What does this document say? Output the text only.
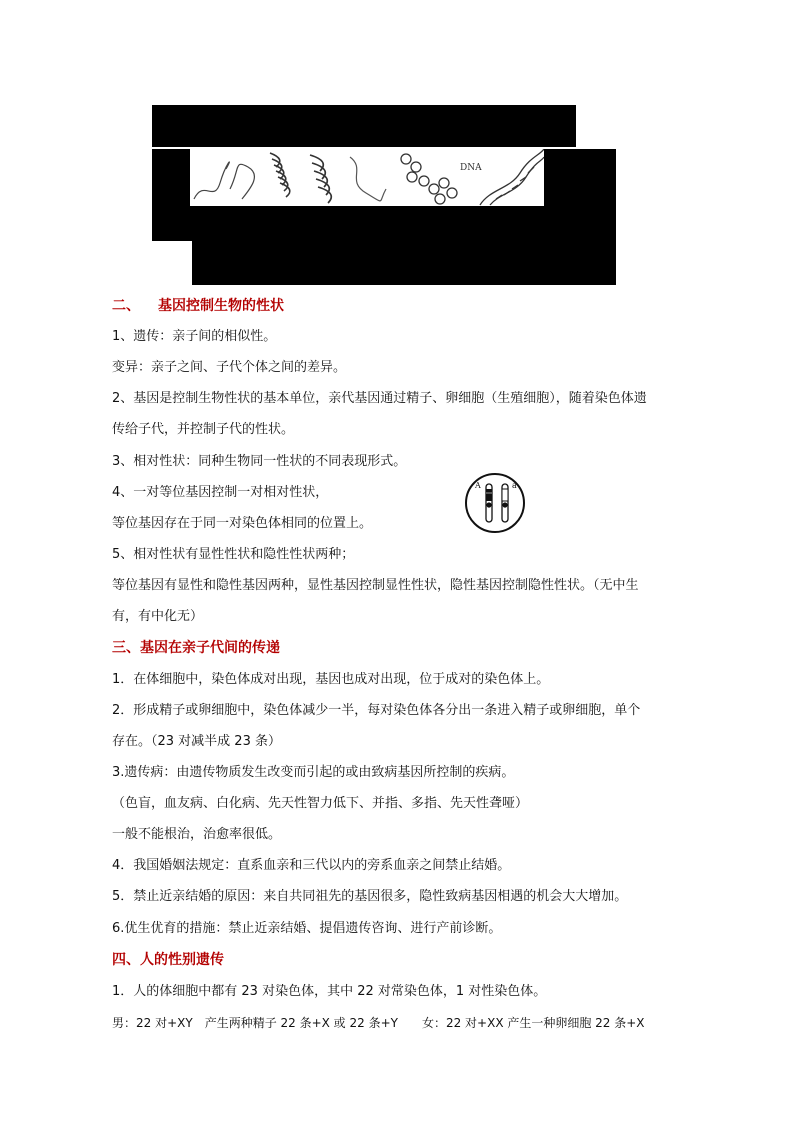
DNA
二、 基因控制生物的性状
1、遗传：亲子间的相似性。
变异：亲子之间、子代个体之间的差异。
2、基因是控制生物性状的基本单位，亲代基因通过精子、卵细胞（生殖细胞），随着染色体遗
传给子代，并控制子代的性状。
3、相对性状：同种生物同一性状的不同表现形式。
4、一对等位基因控制一对相对性状，
等位基因存在于同一对染色体相同的位置上。
5、相对性状有显性性状和隐性性状两种；
等位基因有显性和隐性基因两种，显性基因控制显性性状，隐性基因控制隐性性状。（无中生
有，有中化无）
A	a
三、基因在亲子代间的传递
1．在体细胞中，染色体成对出现，基因也成对出现，位于成对的染色体上。
2．形成精子或卵细胞中，染色体减少一半，每对染色体各分出一条进入精子或卵细胞，单个
存在。（23 对减半成 23 条）
3.遗传病：由遗传物质发生改变而引起的或由致病基因所控制的疾病。
（色盲，血友病、白化病、先天性智力低下、并指、多指、先天性聋哑）
一般不能根治，治愈率很低。
4．我国婚姻法规定：直系血亲和三代以内的旁系血亲之间禁止结婚。
5．禁止近亲结婚的原因：来自共同祖先的基因很多，隐性致病基因相遇的机会大大增加。
6.优生优育的措施：禁止近亲结婚、提倡遗传咨询、进行产前诊断。
四、人的性别遗传
1．人的体细胞中都有 23 对染色体，其中 22 对常染色体，1 对性染色体。
男：22 对+XY　产生两种精子 22 条+X 或 22 条+Y　　女：22 对+XX 产生一种卵细胞 22 条+X
